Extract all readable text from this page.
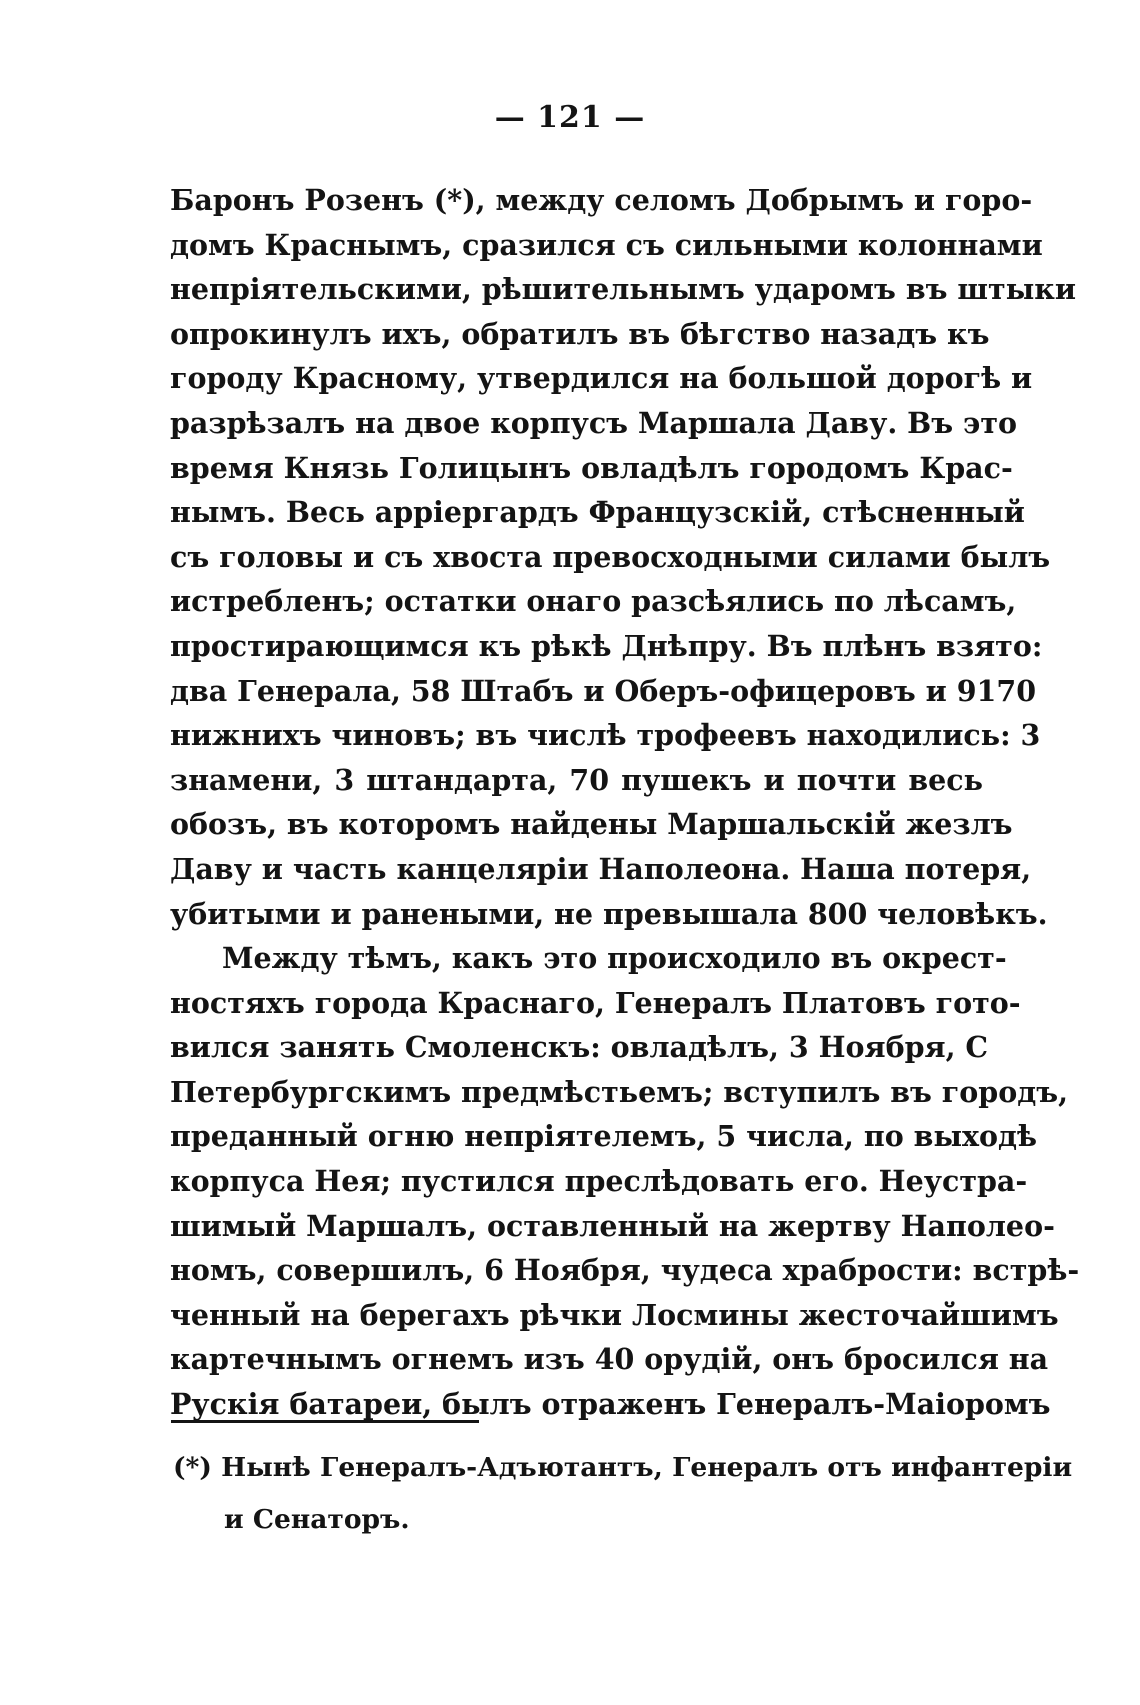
— 121 —
Баронъ Розенъ (*), между селомъ Добрымъ и горо-
домъ Краснымъ, сразился съ сильными колоннами
непріятельскими, рѣшительнымъ ударомъ въ штыки
опрокинулъ ихъ, обратилъ въ бѣгство назадъ къ
городу Красному, утвердился на большой дорогѣ и
разрѣзалъ на двое корпусъ Маршала Даву. Въ это
время Князь Голицынъ овладѣлъ городомъ Крас-
нымъ. Весь арріергардъ Французскій, стѣсненный
съ головы и съ хвоста превосходными силами былъ
истребленъ; остатки онаго разсѣялись по лѣсамъ,
простирающимся къ рѣкѣ Днѣпру. Въ плѣнъ взято:
два Генерала, 58 Штабъ и Оберъ-офицеровъ и 9170
нижнихъ чиновъ; въ числѣ трофеевъ находились: 3
знамени, 3 штандарта, 70 пушекъ и почти весь
обозъ, въ которомъ найдены Маршальскій жезлъ
Даву и часть канцеляріи Наполеона. Наша потеря,
убитыми и ранеными, не превышала 800 человѣкъ.
Между тѣмъ, какъ это происходило въ окрест-
ностяхъ города Краснаго, Генералъ Платовъ гото-
вился занять Смоленскъ: овладѣлъ, 3 Ноября, С
Петербургскимъ предмѣстьемъ; вступилъ въ городъ,
преданный огню непріятелемъ, 5 числа, по выходѣ
корпуса Нея; пустился преслѣдовать его. Неустра-
шимый Маршалъ, оставленный на жертву Наполео-
номъ, совершилъ, 6 Ноября, чудеса храбрости: встрѣ-
ченный на берегахъ рѣчки Лосмины жесточайшимъ
картечнымъ огнемъ изъ 40 орудій, онъ бросился на
Рускія батареи, былъ отраженъ Генералъ-Маіоромъ
(*) Нынѣ Генералъ-Адъютантъ, Генералъ отъ инфантеріи
и Сенаторъ.
